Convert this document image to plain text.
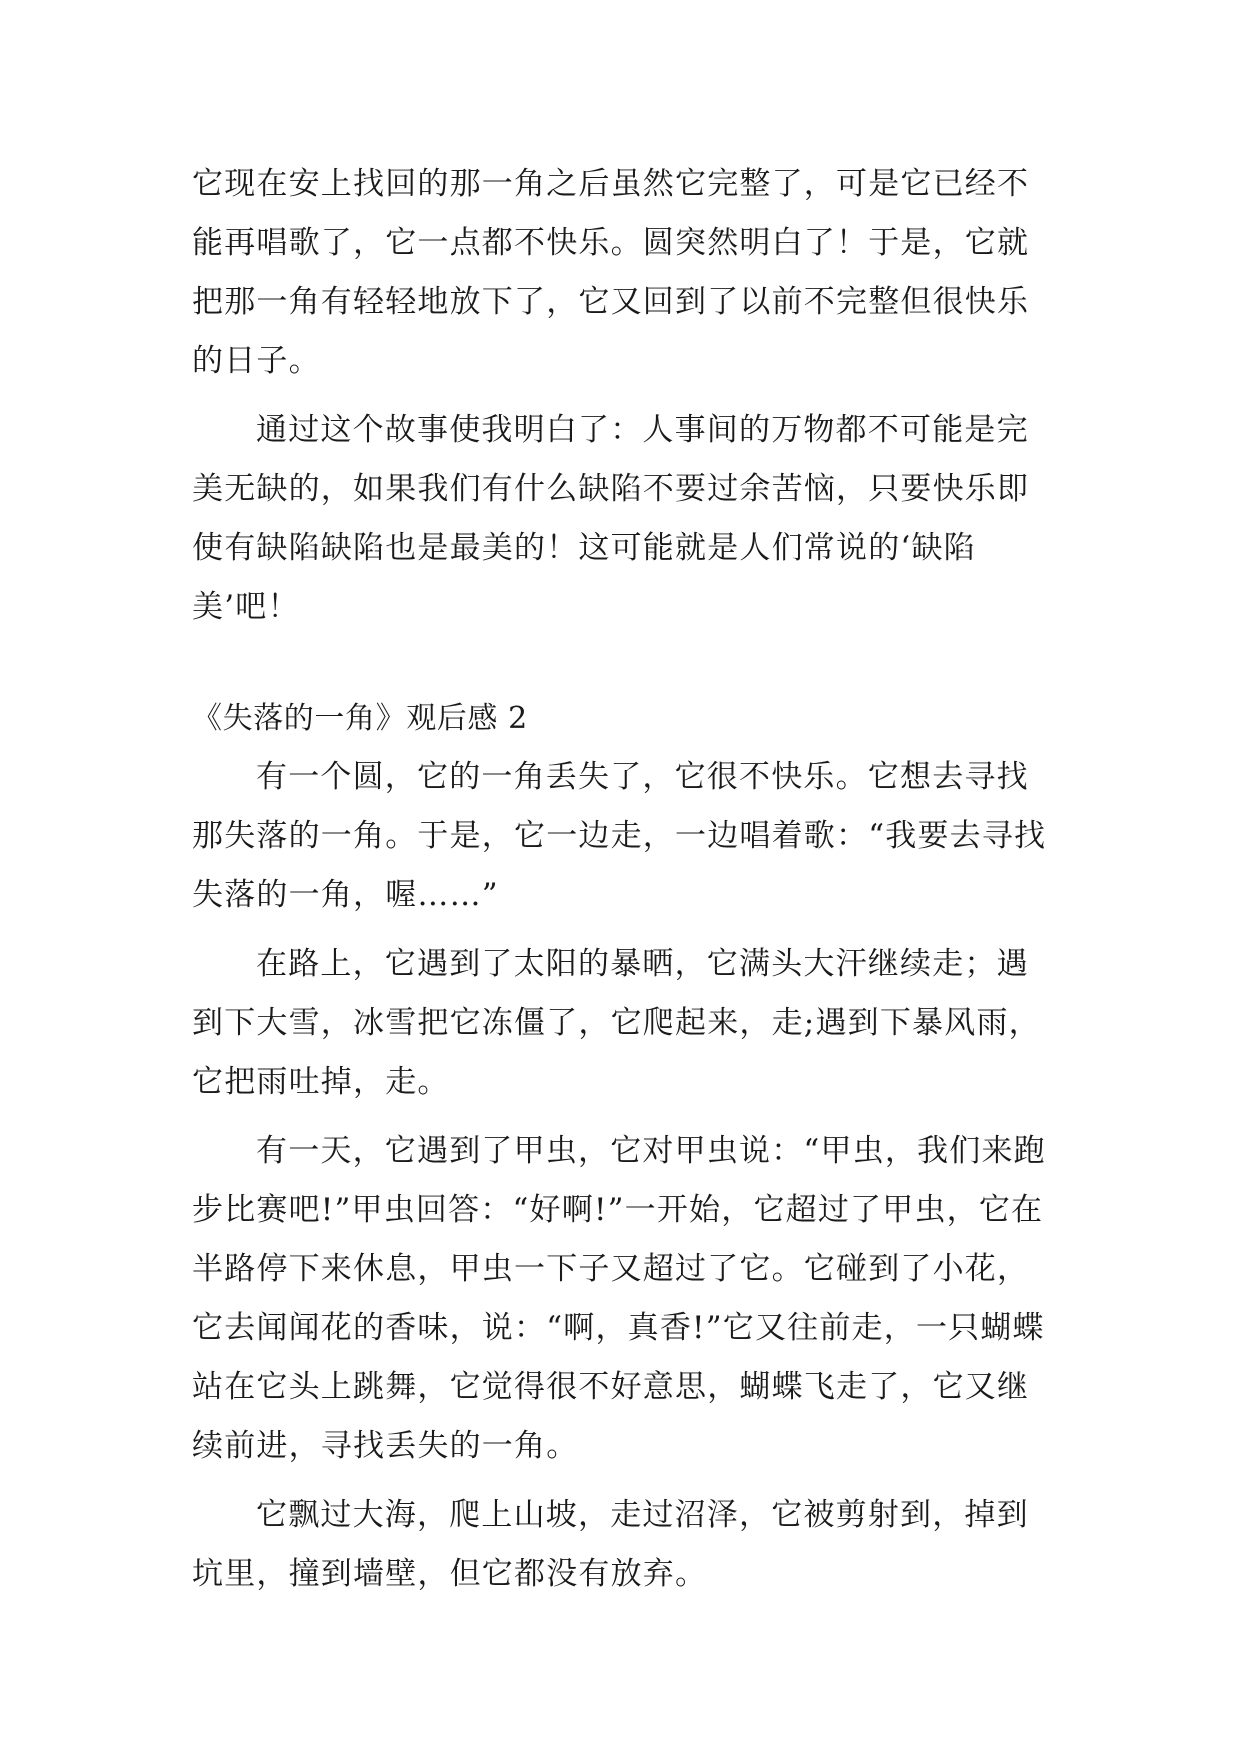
它现在安上找回的那一角之后虽然它完整了，可是它已经不能再唱歌了，它一点都不快乐。圆突然明白了！于是，它就把那一角有轻轻地放下了，它又回到了以前不完整但很快乐的日子。

通过这个故事使我明白了：人事间的万物都不可能是完美无缺的，如果我们有什么缺陷不要过余苦恼，只要快乐即使有缺陷缺陷也是最美的！这可能就是人们常说的‘缺陷美’吧！

《失落的一角》观后感 2

有一个圆，它的一角丢失了，它很不快乐。它想去寻找那失落的一角。于是，它一边走，一边唱着歌：“我要去寻找失落的一角，喔……”

在路上，它遇到了太阳的暴晒，它满头大汗继续走；遇到下大雪，冰雪把它冻僵了，它爬起来，走;遇到下暴风雨，它把雨吐掉，走。

有一天，它遇到了甲虫，它对甲虫说：“甲虫，我们来跑步比赛吧!”甲虫回答：“好啊!”一开始，它超过了甲虫，它在半路停下来休息，甲虫一下子又超过了它。它碰到了小花，它去闻闻花的香味，说：“啊，真香!”它又往前走，一只蝴蝶站在它头上跳舞，它觉得很不好意思，蝴蝶飞走了，它又继续前进，寻找丢失的一角。

它飘过大海，爬上山坡，走过沼泽，它被剪射到，掉到坑里，撞到墙壁，但它都没有放弃。
